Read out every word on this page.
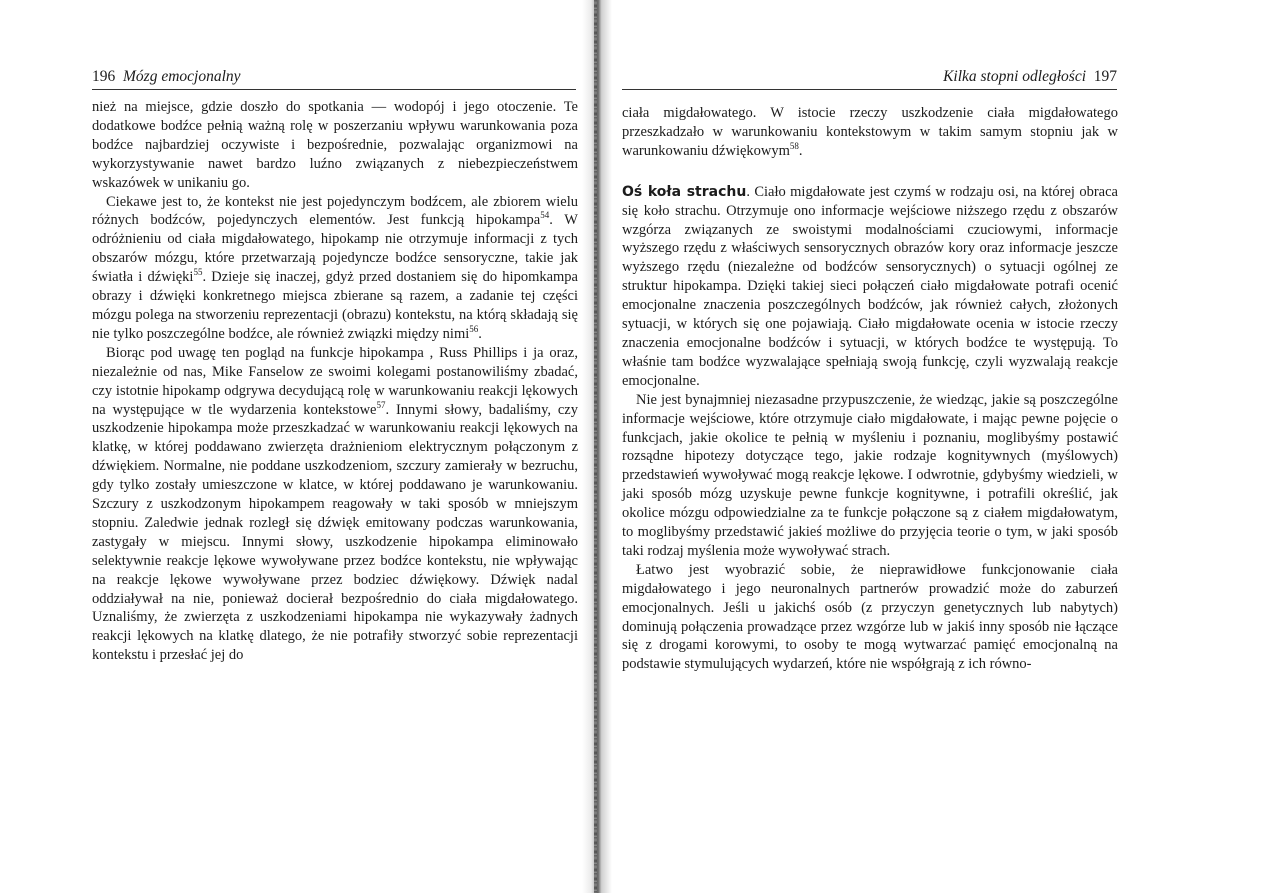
196 Mózg emocjonalny

nież na miejsce, gdzie doszło do spotkania — wodopój i jego otoczenie. Te dodatkowe bodźce pełnią ważną rolę w poszerzaniu wpływu warunkowania poza bodźce najbardziej oczywiste i bezpośrednie, pozwalając organizmowi na wykorzystywanie nawet bardzo luźno związanych z niebezpieczeństwem wskazówek w unikaniu go.

Ciekawe jest to, że kontekst nie jest pojedynczym bodźcem, ale zbiorem wielu różnych bodźców, pojedynczych elementów. Jest funkcją hipokampa$^{54}$. W odróżnieniu od ciała migdałowatego, hipokamp nie otrzymuje informacji z tych obszarów mózgu, które przetwarzają pojedyncze bodźce sensoryczne, takie jak światła i dźwięki$^{55}$. Dzieje się inaczej, gdyż przed dostaniem się do hipomkampa obrazy i dźwięki konkretnego miejsca zbierane są razem, a zadanie tej części mózgu polega na stworzeniu reprezentacji (obrazu) kontekstu, na którą składają się nie tylko poszczególne bodźce, ale również związki między nimi$^{56}$.

Biorąc pod uwagę ten pogląd na funkcje hipokampa , Russ Phillips i ja oraz, niezależnie od nas, Mike Fanselow ze swoimi kolegami postanowiliśmy zbadać, czy istotnie hipokamp odgrywa decydującą rolę w warunkowaniu reakcji lękowych na występujące w tle wydarzenia kontekstowe$^{57}$. Innymi słowy, badaliśmy, czy uszkodzenie hipokampa może przeszkadzać w warunkowaniu reakcji lękowych na klatkę, w której poddawano zwierzęta drażnieniom elektrycznym połączonym z dźwiękiem. Normalne, nie poddane uszkodzeniom, szczury zamierały w bezruchu, gdy tylko zostały umieszczone w klatce, w której poddawano je warunkowaniu. Szczury z uszkodzonym hipokampem reagowały w taki sposób w mniejszym stopniu. Zaledwie jednak rozległ się dźwięk emitowany podczas warunkowania, zastygały w miejscu. Innymi słowy, uszkodzenie hipokampa eliminowało selektywnie reakcje lękowe wywoływane przez bodźce kontekstu, nie wpływając na reakcje lękowe wywoływane przez bodziec dźwiękowy. Dźwięk nadal oddziaływał na nie, ponieważ docierał bezpośrednio do ciała migdałowatego. Uznaliśmy, że zwierzęta z uszkodzeniami hipokampa nie wykazywały żadnych reakcji lękowych na klatkę dlatego, że nie potrafiły stworzyć sobie reprezentacji kontekstu i przesłać jej do

Kilka stopni odległości 197

ciała migdałowatego. W istocie rzeczy uszkodzenie ciała migdałowatego przeszkadzało w warunkowaniu kontekstowym w takim samym stopniu jak w warunkowaniu dźwiękowym$^{58}$.

Oś koła strachu. Ciało migdałowate jest czymś w rodzaju osi, na której obraca się koło strachu. Otrzymuje ono informacje wejściowe niższego rzędu z obszarów wzgórza związanych ze swoistymi modalnościami czuciowymi, informacje wyższego rzędu z właściwych sensorycznych obrazów kory oraz informacje jeszcze wyższego rzędu (niezależne od bodźców sensorycznych) o sytuacji ogólnej ze struktur hipokampa. Dzięki takiej sieci połączeń ciało migdałowate potrafi ocenić emocjonalne znaczenia poszczególnych bodźców, jak również całych, złożonych sytuacji, w których się one pojawiają. Ciało migdałowate ocenia w istocie rzeczy znaczenia emocjonalne bodźców i sytuacji, w których bodźce te występują. To właśnie tam bodźce wyzwalające spełniają swoją funkcję, czyli wyzwalają reakcje emocjonalne.

Nie jest bynajmniej niezasadne przypuszczenie, że wiedząc, jakie są poszczególne informacje wejściowe, które otrzymuje ciało migdałowate, i mając pewne pojęcie o funkcjach, jakie okolice te pełnią w myśleniu i poznaniu, moglibyśmy postawić rozsądne hipotezy dotyczące tego, jakie rodzaje kognitywnych (myślowych) przedstawień wywoływać mogą reakcje lękowe. I odwrotnie, gdybyśmy wiedzieli, w jaki sposób mózg uzyskuje pewne funkcje kognitywne, i potrafili określić, jak okolice mózgu odpowiedzialne za te funkcje połączone są z ciałem migdałowatym, to moglibyśmy przedstawić jakieś możliwe do przyjęcia teorie o tym, w jaki sposób taki rodzaj myślenia może wywoływać strach.

Łatwo jest wyobrazić sobie, że nieprawidłowe funkcjonowanie ciała migdałowatego i jego neuronalnych partnerów prowadzić może do zaburzeń emocjonalnych. Jeśli u jakichś osób (z przyczyn genetycznych lub nabytych) dominują połączenia prowadzące przez wzgórze lub w jakiś inny sposób nie łączące się z drogami korowymi, to osoby te mogą wytwarzać pamięć emocjonalną na podstawie stymulujących wydarzeń, które nie współgrają z ich równo-
